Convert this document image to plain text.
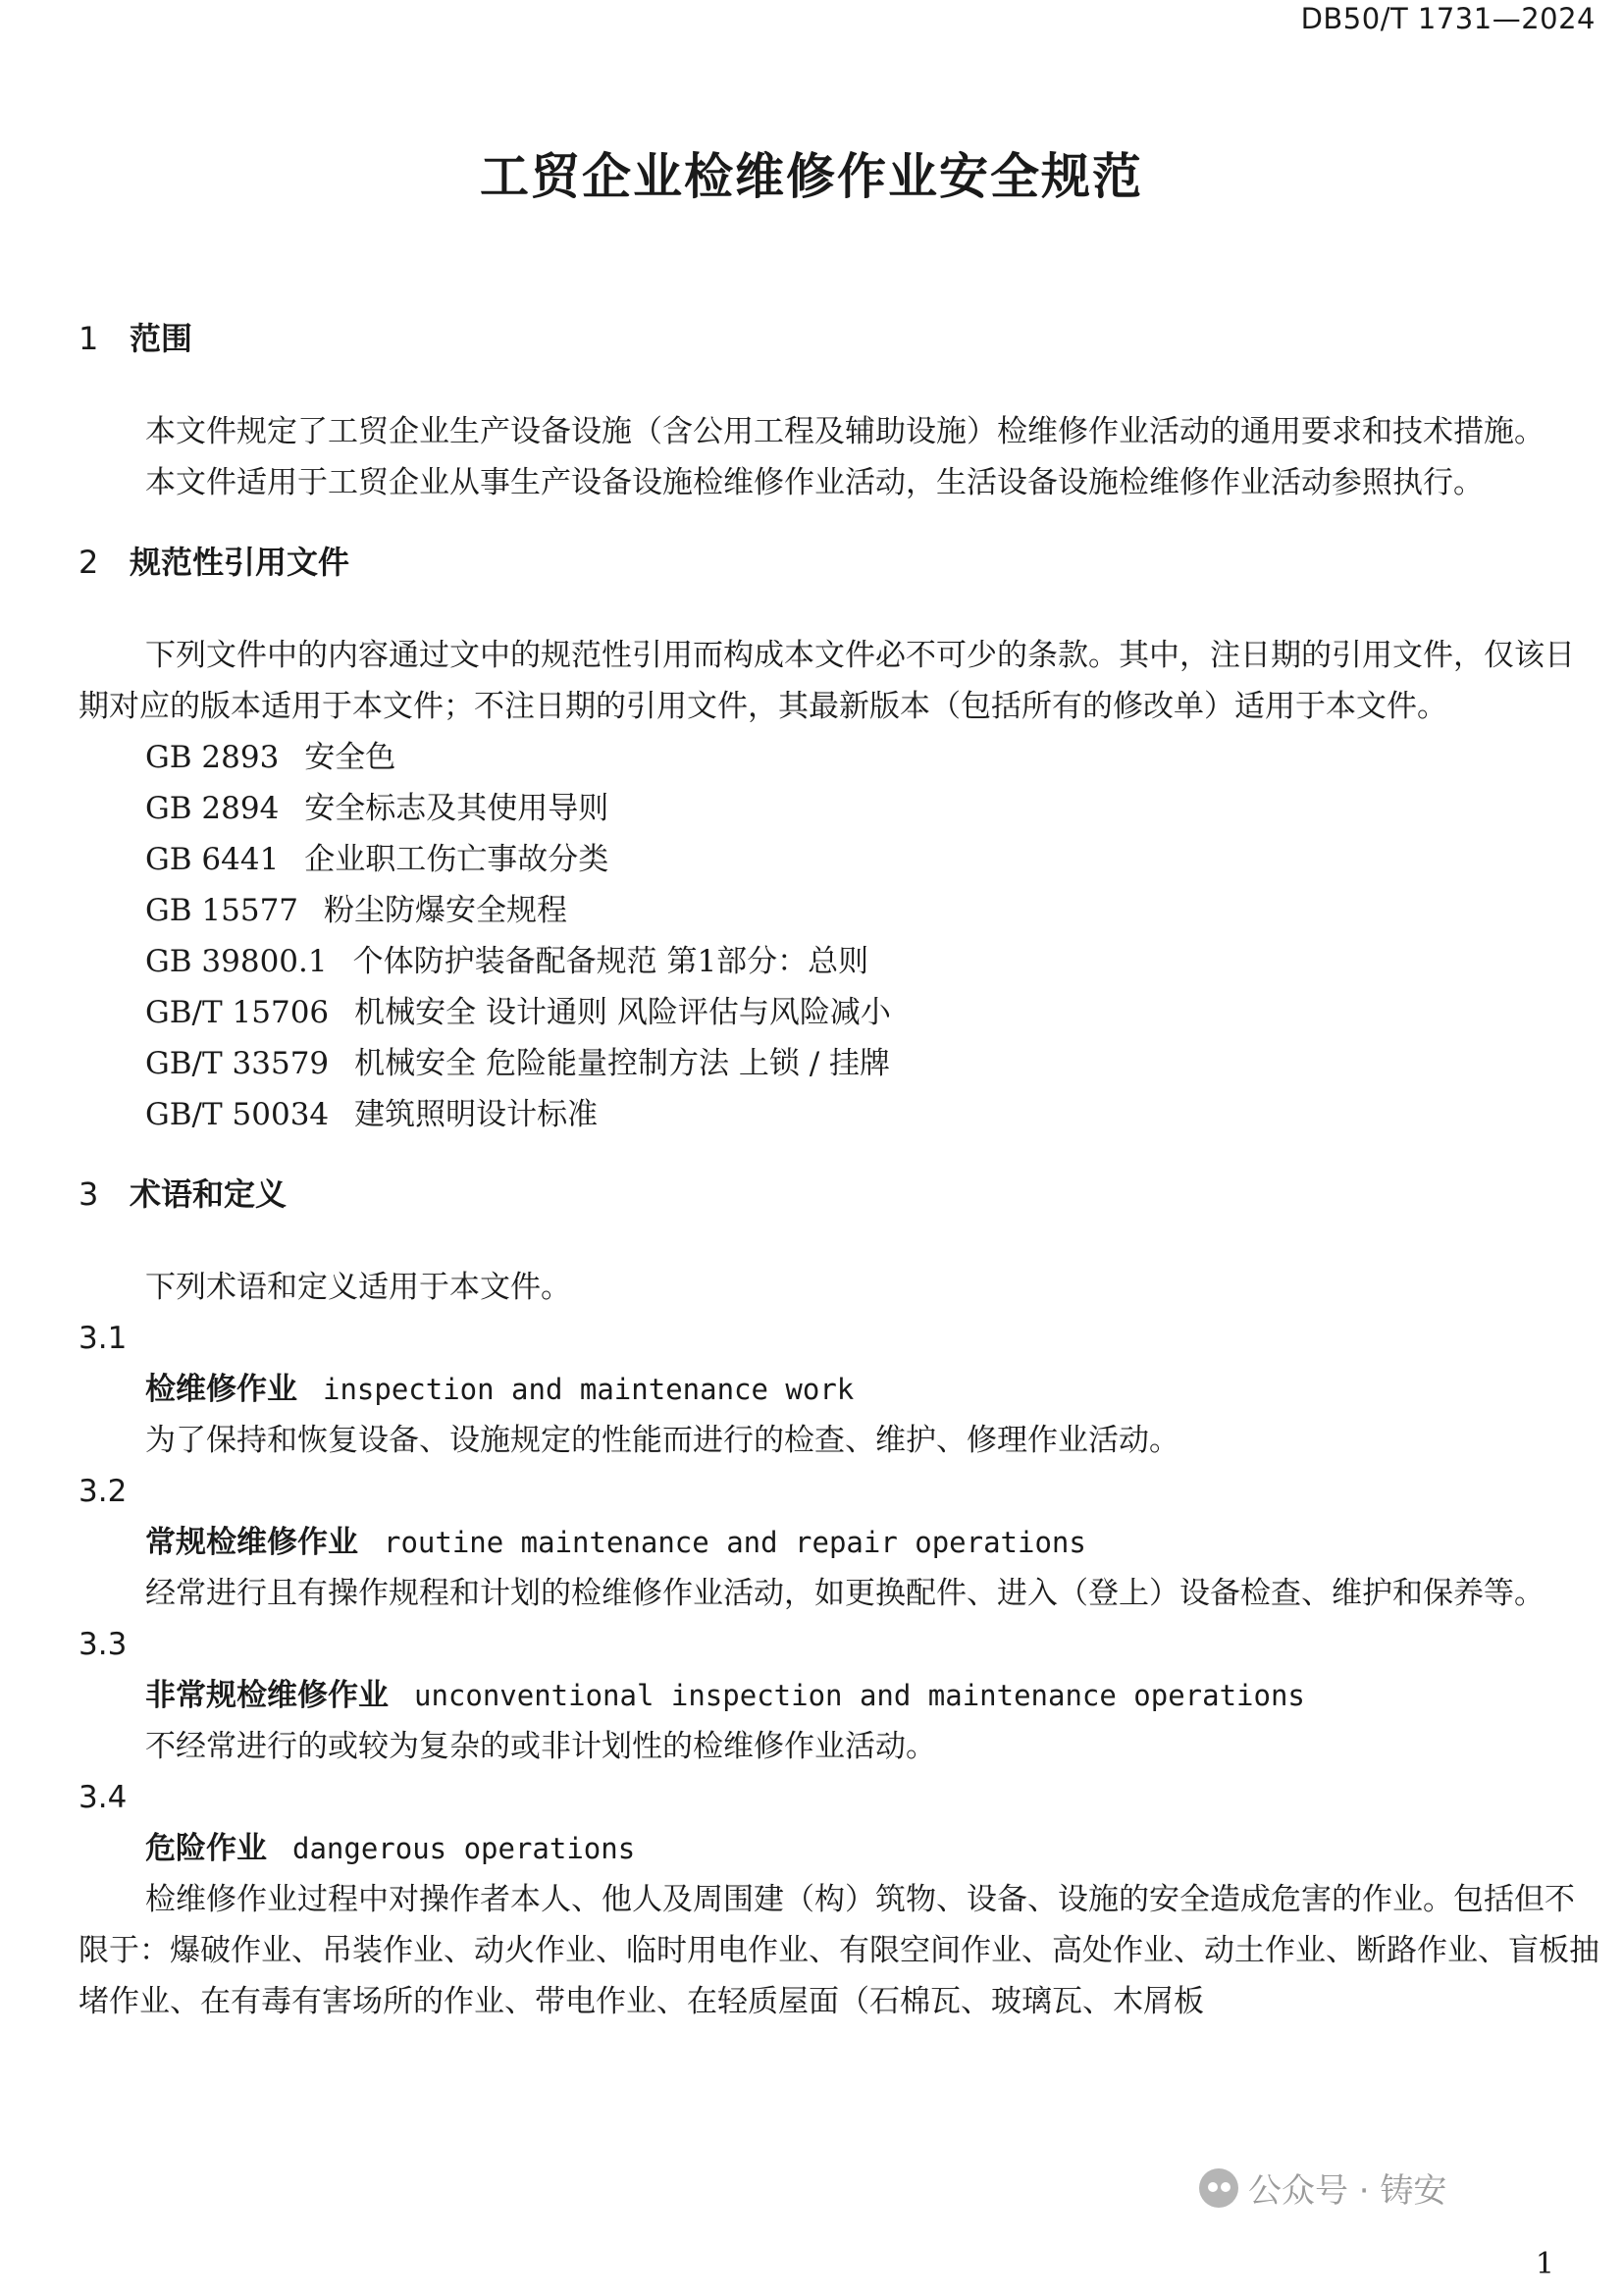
DB50/T 1731—2024
工贸企业检维修作业安全规范
1 范围
本文件规定了工贸企业生产设备设施（含公用工程及辅助设施）检维修作业活动的通用要求和技术措施。
本文件适用于工贸企业从事生产设备设施检维修作业活动，生活设备设施检维修作业活动参照执行。
2 规范性引用文件
下列文件中的内容通过文中的规范性引用而构成本文件必不可少的条款。其中，注日期的引用文件，仅该日期对应的版本适用于本文件；不注日期的引用文件，其最新版本（包括所有的修改单）适用于本文件。
GB 2893 安全色
GB 2894 安全标志及其使用导则
GB 6441 企业职工伤亡事故分类
GB 15577 粉尘防爆安全规程
GB 39800.1 个体防护装备配备规范 第1部分：总则
GB/T 15706 机械安全 设计通则 风险评估与风险减小
GB/T 33579 机械安全 危险能量控制方法 上锁 / 挂牌
GB/T 50034 建筑照明设计标准
3 术语和定义
下列术语和定义适用于本文件。
3.1
检维修作业 inspection and maintenance work
为了保持和恢复设备、设施规定的性能而进行的检查、维护、修理作业活动。
3.2
常规检维修作业 routine maintenance and repair operations
经常进行且有操作规程和计划的检维修作业活动，如更换配件、进入（登上）设备检查、维护和保养等。
3.3
非常规检维修作业 unconventional inspection and maintenance operations
不经常进行的或较为复杂的或非计划性的检维修作业活动。
3.4
危险作业 dangerous operations
检维修作业过程中对操作者本人、他人及周围建（构）筑物、设备、设施的安全造成危害的作业。包括但不限于：爆破作业、吊装作业、动火作业、临时用电作业、有限空间作业、高处作业、动土作业、断路作业、盲板抽堵作业、在有毒有害场所的作业、带电作业、在轻质屋面（石棉瓦、玻璃瓦、木屑板
公众号 · 铸安
1
